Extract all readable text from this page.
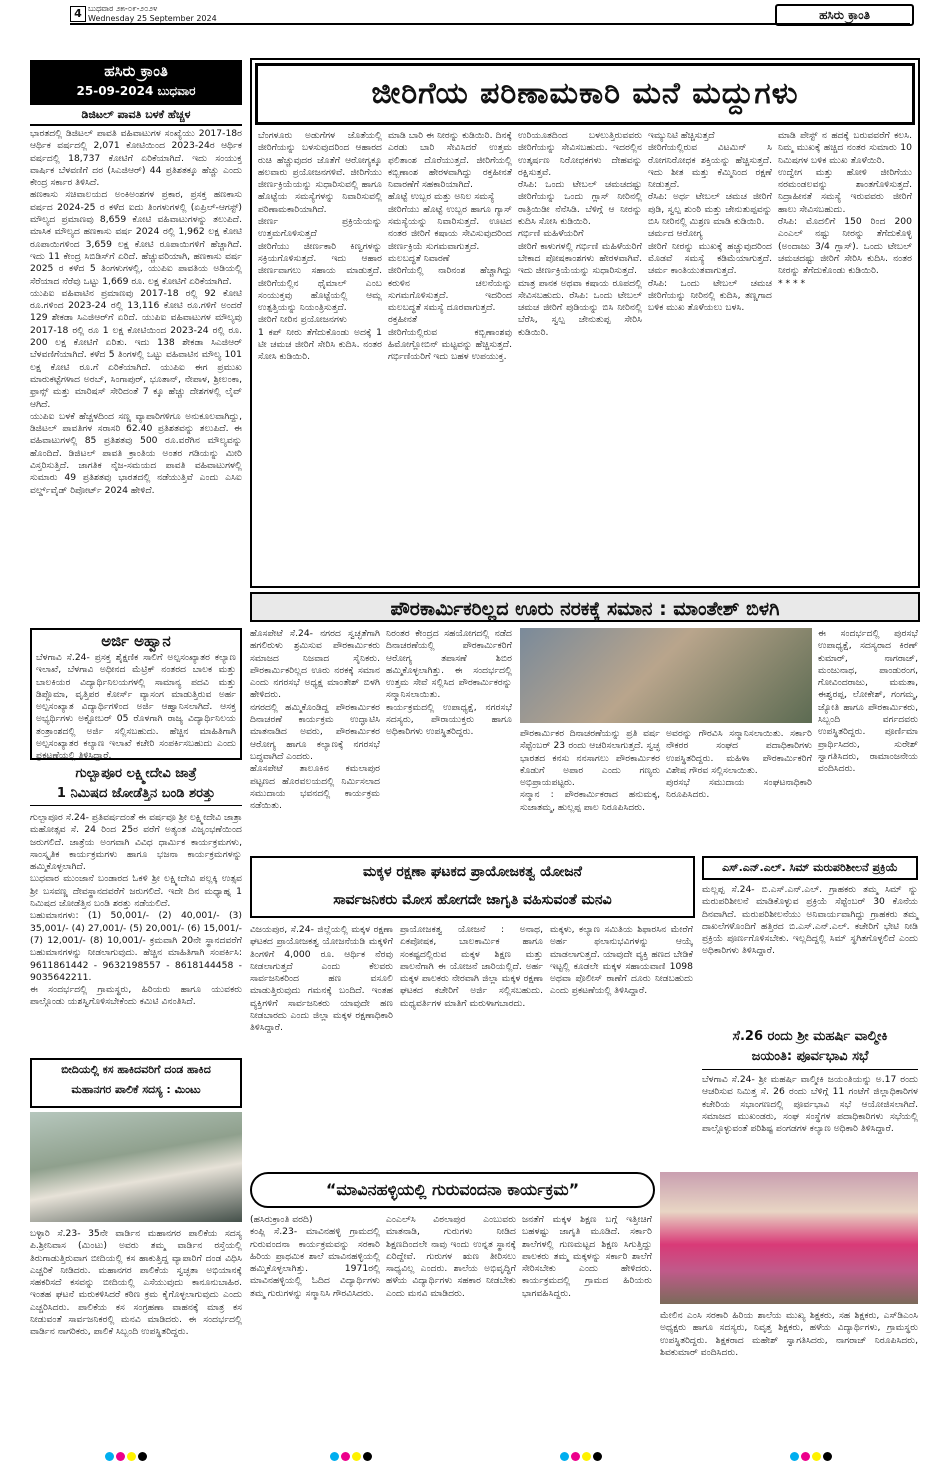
4 ಬುಧವಾರ ೨೫-೦೯-೨೦೨೪
Wednesday 25 September 2024	ಹಸಿರು ಕ್ರಾಂತಿ
ಹಸಿರು ಕ್ರಾಂತಿ
25-09-2024 ಬುಧವಾರ
ಡಿಜಿಟಲ್ ಪಾವತಿ ಬಳಕೆ ಹೆಚ್ಚಳ
ಭಾರತದಲ್ಲಿ ಡಿಜಿಟಲ್ ಪಾವತಿ ವಹಿವಾಟುಗಳ ಸಂಖ್ಯೆಯು 2017-18ರ ಆರ್ಥಿಕ ವರ್ಷದಲ್ಲಿ 2,071 ಕೋಟಿಯಿಂದ 2023-24ರ ಆರ್ಥಿಕ ವರ್ಷದಲ್ಲಿ 18,737 ಕೋಟಿಗೆ ಏರಿಕೆಯಾಗಿದೆ. ಇದು ಸಂಯುಕ್ತ ವಾರ್ಷಿಕ ಬೆಳವಣಿಗೆ ದರ (ಸಿಎಜಿಆರ್) 44 ಪ್ರತಿಶತಕ್ಕೂ ಹೆಚ್ಚು ಎಂದು ಕೇಂದ್ರ ಸರ್ಕಾರ ತಿಳಿಸಿದೆ.
ಹಣಕಾಸು ಸಚಿವಾಲಯದ ಅಂಕಿಅಂಶಗಳ ಪ್ರಕಾರ, ಪ್ರಸಕ್ತ ಹಣಕಾಸು ವರ್ಷದ 2024-25 ರ ಕಳೆದ ಐದು ತಿಂಗಳುಗಳಲ್ಲಿ (ಏಪ್ರಿಲ್-ಆಗಸ್ಟ್) ಮೌಲ್ಯದ ಪ್ರಮಾಣವು 8,659 ಕೋಟಿ ವಹಿವಾಟುಗಳನ್ನು ತಲುಪಿದೆ. ಮಾಸಿಕ ಮೌಲ್ಯದ ಹಣಕಾಸು ವರ್ಷ 2024 ರಲ್ಲಿ 1,962 ಲಕ್ಷ ಕೋಟಿ ರೂಪಾಯಿಗಳಿಂದ 3,659 ಲಕ್ಷ ಕೋಟಿ ರೂಪಾಯಿಗಳಿಗೆ ಹೆಚ್ಚಾಗಿದೆ. ಇದು 11 ಕೇಂದ್ರ ಸಿಬಿಡಿಸ್‌ಗೆ ಏರಿದೆ. ಹೆಚ್ಚುವರಿಯಾಗಿ, ಹಣಕಾಸು ವರ್ಷ 2025 ರ ಕಳೆದ 5 ತಿಂಗಳುಗಳಲ್ಲಿ, ಯುಪಿಐ ಪಾವತಿಯ ಅಡಿಯಲ್ಲಿ ಸೆರೆಯಾದ ನೆರೆವು ಒಟ್ಟು 1,669 ರೂ. ಲಕ್ಷ ಕೋಟಿಗೆ ಏರಿಕೆಯಾಗಿದೆ.
ಯುಪಿಐ ವಹಿವಾಟಿನ ಪ್ರಮಾಣವು 2017-18 ರಲ್ಲಿ 92 ಕೋಟಿ ರೂ.ಗಳಿಂದ 2023-24 ರಲ್ಲಿ 13,116 ಕೋಟಿ ರೂ.ಗಳಿಗೆ ಅಂದರೆ 129 ಶೇಕಡಾ ಸಿಎಜಿಆರ್‌ಗೆ ಏರಿದೆ. ಯುಪಿಐ ವಹಿವಾಟುಗಳ ಮೌಲ್ಯವು 2017-18 ರಲ್ಲಿ ರೂ 1 ಲಕ್ಷ ಕೋಟಿಯಿಂದ 2023-24 ರಲ್ಲಿ ರೂ. 200 ಲಕ್ಷ ಕೋಟಿಗೆ ಏರಿತು. ಇದು 138 ಶೇಕಡಾ ಸಿಎಜಿಆರ್ ಬೆಳವಣಿಗೆಯಾಗಿದೆ. ಕಳೆದ 5 ತಿಂಗಳಲ್ಲಿ ಒಟ್ಟು ವಹಿವಾಟಿನ ಮೌಲ್ಯ 101 ಲಕ್ಷ ಕೋಟಿ ರೂ.ಗೆ ಏರಿಕೆಯಾಗಿದೆ. ಯುಪಿಐ ಈಗ ಪ್ರಮುಖ ಮಾರುಕಟ್ಟೆಗಳಾದ ಅರಬ್, ಸಿಂಗಾಪುರ್, ಭೂತಾನ್, ನೇಪಾಳ, ಶ್ರೀಲಂಕಾ, ಫ್ರಾನ್ಸ್ ಮತ್ತು ಮಾರಿಷಸ್ ಸೇರಿದಂತೆ 7 ಕ್ಕೂ ಹೆಚ್ಚು ದೇಶಗಳಲ್ಲಿ ಲೈವ್ ಆಗಿದೆ.
ಯುಪಿಐ ಬಳಕೆ ಹೆಚ್ಚಳದಿಂದ ಸಣ್ಣ ವ್ಯಾಪಾರಿಗಳಿಗೂ ಅನುಕೂಲವಾಗಿದ್ದು, ಡಿಜಿಟಲ್ ಪಾವತಿಗಳ ಸರಾಸರಿ 62.40 ಪ್ರತಿಶತವನ್ನು ತಲುಪಿದೆ. ಈ ವಹಿವಾಟುಗಳಲ್ಲಿ 85 ಪ್ರತಿಶತವು 500 ರೂ.ವರೆಗಿನ ಮೌಲ್ಯವನ್ನು ಹೊಂದಿದೆ. ಡಿಜಿಟಲ್ ಪಾವತಿ ಕ್ರಾಂತಿಯ ಅಂತರ ಗಡಿಯನ್ನು ಮೀರಿ ವಿಸ್ತರಿಸುತ್ತಿದೆ. ಜಾಗತಿಕ ನೈಜ-ಸಮಯದ ಪಾವತಿ ವಹಿವಾಟುಗಳಲ್ಲಿ ಸುಮಾರು 49 ಪ್ರತಿಶತವು ಭಾರತದಲ್ಲಿ ನಡೆಯುತ್ತಿವೆ ಎಂದು ಎಸಿಐ ವರ್ಲ್ಡ್‌ವೈಡ್ ರಿಪೋರ್ಟ್ 2024 ಹೇಳಿದೆ.
ಜೀರಿಗೆಯ ಪರಿಣಾಮಕಾರಿ ಮನೆ ಮದ್ದುಗಳು
ಬೆಂಗಳೂರು ಅಡುಗೆಗಳ ಜೊತೆಯಲ್ಲಿ ಜೀರಿಗೆಯನ್ನು ಬಳಸುವುದರಿಂದ ಆಹಾರದ ರುಚಿ ಹೆಚ್ಚುವುದರ ಜೊತೆಗೆ ಆರೋಗ್ಯಕ್ಕೂ ಹಲವಾರು ಪ್ರಯೋಜನಗಳಿವೆ. ಜೀರಿಗೆಯು ಜೀರ್ಣಕ್ರಿಯೆಯನ್ನು ಸುಧಾರಿಸುವಲ್ಲಿ ಹಾಗೂ ಹೊಟ್ಟೆಯ ಸಮಸ್ಯೆಗಳನ್ನು ನಿವಾರಿಸುವಲ್ಲಿ ಪರಿಣಾಮಕಾರಿಯಾಗಿದೆ.
ಜೀರ್ಣ ಪ್ರಕ್ರಿಯೆಯನ್ನು ಉತ್ತಮಗೊಳಿಸುತ್ತದೆ
ಜೀರಿಗೆಯು ಜೀರ್ಣಕಾರಿ ಕಿಣ್ವಗಳನ್ನು ಸಕ್ರಿಯಗೊಳಿಸುತ್ತದೆ. ಇದು ಆಹಾರ ಜೀರ್ಣವಾಗಲು ಸಹಾಯ ಮಾಡುತ್ತದೆ. ಜೀರಿಗೆಯಲ್ಲಿನ ಥೈಮಾಲ್ ಎಂಬ ಸಂಯುಕ್ತವು ಹೊಟ್ಟೆಯಲ್ಲಿ ಆಮ್ಲ ಉತ್ಪತ್ತಿಯನ್ನು ನಿಯಂತ್ರಿಸುತ್ತದೆ.
ಜೀರಿಗೆ ನೀರಿನ ಪ್ರಯೋಜನಗಳು
1 ಕಪ್ ನೀರು ತೆಗೆದುಕೊಂಡು ಅದಕ್ಕೆ 1 ಟೀ ಚಮಚ ಜೀರಿಗೆ ಸೇರಿಸಿ ಕುದಿಸಿ. ನಂತರ ಸೋಸಿ ಕುಡಿಯಿರಿ.
ಮಾಡಿ ಬಾರಿ ಈ ನೀರನ್ನು ಕುಡಿಯಿರಿ. ದಿನಕ್ಕೆ ಎರಡು ಬಾರಿ ಸೇವಿಸಿದರೆ ಉತ್ತಮ ಫಲಿತಾಂಶ ದೊರೆಯುತ್ತದೆ. ಜೀರಿಗೆಯಲ್ಲಿ ಕಬ್ಬಿಣಾಂಶ ಹೇರಳವಾಗಿದ್ದು ರಕ್ತಹೀನತೆ ನಿವಾರಣೆಗೆ ಸಹಕಾರಿಯಾಗಿದೆ.
ಹೊಟ್ಟೆ ಉಬ್ಬರ ಮತ್ತು ಅನಿಲ ಸಮಸ್ಯೆ
ಜೀರಿಗೆಯು ಹೊಟ್ಟೆ ಉಬ್ಬರ ಹಾಗೂ ಗ್ಯಾಸ್ ಸಮಸ್ಯೆಯನ್ನು ನಿವಾರಿಸುತ್ತದೆ. ಊಟದ ನಂತರ ಜೀರಿಗೆ ಕಷಾಯ ಸೇವಿಸುವುದರಿಂದ ಜೀರ್ಣಕ್ರಿಯೆ ಸುಗಮವಾಗುತ್ತದೆ.
ಮಲಬದ್ಧತೆ ನಿವಾರಣೆ
ಜೀರಿಗೆಯಲ್ಲಿ ನಾರಿನಂಶ ಹೆಚ್ಚಾಗಿದ್ದು ಕರುಳಿನ ಚಲನೆಯನ್ನು ಸುಗಮಗೊಳಿಸುತ್ತದೆ. ಇದರಿಂದ ಮಲಬದ್ಧತೆ ಸಮಸ್ಯೆ ದೂರವಾಗುತ್ತದೆ.
ರಕ್ತಹೀನತೆ
ಜೀರಿಗೆಯಲ್ಲಿರುವ ಕಬ್ಬಿಣಾಂಶವು ಹಿಮೋಗ್ಲೋಬಿನ್ ಮಟ್ಟವನ್ನು ಹೆಚ್ಚಿಸುತ್ತದೆ. ಗರ್ಭಿಣಿಯರಿಗೆ ಇದು ಬಹಳ ಉಪಯುಕ್ತ.
ಉರಿಯೂತದಿಂದ ಬಳಲುತ್ತಿರುವವರು ಜೀರಿಗೆಯನ್ನು ಸೇವಿಸಬಹುದು. ಇದರಲ್ಲಿನ ಉತ್ಕರ್ಷಣ ನಿರೋಧಕಗಳು ದೇಹವನ್ನು ರಕ್ಷಿಸುತ್ತವೆ.
ರೆಸಿಪಿ: ಒಂದು ಟೇಬಲ್ ಚಮಚದಷ್ಟು ಜೀರಿಗೆಯನ್ನು ಒಂದು ಗ್ಲಾಸ್ ನೀರಿನಲ್ಲಿ ರಾತ್ರಿಯಿಡೀ ನೆನೆಸಿಡಿ. ಬೆಳಿಗ್ಗೆ ಆ ನೀರನ್ನು ಕುದಿಸಿ ಸೋಸಿ ಕುಡಿಯಿರಿ.
ಗರ್ಭಿಣಿ ಮಹಿಳೆಯರಿಗೆ
ಜೀರಿಗೆ ಕಾಳುಗಳಲ್ಲಿ ಗರ್ಭಿಣಿ ಮಹಿಳೆಯರಿಗೆ ಬೇಕಾದ ಪೋಷಕಾಂಶಗಳು ಹೇರಳವಾಗಿವೆ. ಇದು ಜೀರ್ಣಕ್ರಿಯೆಯನ್ನು ಸುಧಾರಿಸುತ್ತದೆ.
ಮಾತ್ರ ಪಾನಕ ಅಥವಾ ಕಷಾಯ ರೂಪದಲ್ಲಿ ಸೇವಿಸಬಹುದು. ರೆಸಿಪಿ: ಒಂದು ಟೇಬಲ್ ಚಮಚ ಜೀರಿಗೆ ಪುಡಿಯನ್ನು ಬಿಸಿ ನೀರಿನಲ್ಲಿ ಬೆರೆಸಿ, ಸ್ವಲ್ಪ ಜೇನುತುಪ್ಪ ಸೇರಿಸಿ ಕುಡಿಯಿರಿ.
ಇಮ್ಯುನಿಟಿ ಹೆಚ್ಚಿಸುತ್ತದೆ
ಜೀರಿಗೆಯಲ್ಲಿರುವ ವಿಟಮಿನ್ ಸಿ ರೋಗನಿರೋಧಕ ಶಕ್ತಿಯನ್ನು ಹೆಚ್ಚಿಸುತ್ತದೆ. ಇದು ಶೀತ ಮತ್ತು ಕೆಮ್ಮಿನಿಂದ ರಕ್ಷಣೆ ನೀಡುತ್ತದೆ.
ರೆಸಿಪಿ: ಅರ್ಧ ಟೇಬಲ್ ಚಮಚ ಜೀರಿಗೆ ಪುಡಿ, ಸ್ವಲ್ಪ ಶುಂಠಿ ಮತ್ತು ಜೇನುತುಪ್ಪವನ್ನು ಬಿಸಿ ನೀರಿನಲ್ಲಿ ಮಿಶ್ರಣ ಮಾಡಿ ಕುಡಿಯಿರಿ.
ಚರ್ಮದ ಆರೋಗ್ಯ
ಜೀರಿಗೆ ನೀರನ್ನು ಮುಖಕ್ಕೆ ಹಚ್ಚುವುದರಿಂದ ಮೊಡವೆ ಸಮಸ್ಯೆ ಕಡಿಮೆಯಾಗುತ್ತದೆ. ಚರ್ಮ ಕಾಂತಿಯುತವಾಗುತ್ತದೆ.
ರೆಸಿಪಿ: ಒಂದು ಟೇಬಲ್ ಚಮಚ ಜೀರಿಗೆಯನ್ನು ನೀರಿನಲ್ಲಿ ಕುದಿಸಿ, ತಣ್ಣಗಾದ ಬಳಿಕ ಮುಖ ತೊಳೆಯಲು ಬಳಸಿ.
ಮಾಡಿ ಪೇಸ್ಟ್ ನ ಹದಕ್ಕೆ ಬರುವವರೆಗೆ ಕಲಸಿ. ನಿಮ್ಮ ಮುಖಕ್ಕೆ ಹಚ್ಚಿದ ನಂತರ ಸುಮಾರು 10 ನಿಮಿಷಗಳ ಬಳಿಕ ಮುಖ ತೊಳೆಯಿರಿ.
ಉದ್ವೇಗ ಮತ್ತು ಹೋಳಿ ಜೀರಿಗೆಯು ನರಮಂಡಲವನ್ನು ಶಾಂತಗೊಳಿಸುತ್ತದೆ. ನಿದ್ರಾಹೀನತೆ ಸಮಸ್ಯೆ ಇರುವವರು ಜೀರಿಗೆ ಹಾಲು ಸೇವಿಸಬಹುದು.
ರೆಸಿಪಿ: ಮೊದಲಿಗೆ 150 ರಿಂದ 200 ಎಂಎಲ್ ನಷ್ಟು ನೀರನ್ನು ತೆಗೆದುಕೊಳ್ಳಿ (ಅಂದಾಜು 3/4 ಗ್ಲಾಸ್). ಒಂದು ಟೇಬಲ್ ಚಮಚದಷ್ಟು ಜೀರಿಗೆ ಸೇರಿಸಿ ಕುದಿಸಿ. ನಂತರ ನೀರನ್ನು ತೆಗೆದುಕೊಂಡು ಕುಡಿಯಿರಿ.
* * * *
ಪೌರಕಾರ್ಮಿಕರಿಲ್ಲದ ಊರು ನರಕಕ್ಕೆ ಸಮಾನ : ಮಾಂತೇಶ್ ಬಿಳಗಿ
ಹೊಸಪೇಟೆ ಸೆ.24- ನಗರದ ಸ್ವಚ್ಛತೆಗಾಗಿ ಹಗಲಿರುಳು ಶ್ರಮಿಸುವ ಪೌರಕಾರ್ಮಿಕರು ಸಮಾಜದ ನಿಜವಾದ ಸೈನಿಕರು. ಪೌರಕಾರ್ಮಿಕರಿಲ್ಲದ ಊರು ನರಕಕ್ಕೆ ಸಮಾನ ಎಂದು ನಗರಸಭೆ ಅಧ್ಯಕ್ಷ ಮಾಂತೇಶ್ ಬಿಳಗಿ ಹೇಳಿದರು.
ನಗರದಲ್ಲಿ ಹಮ್ಮಿಕೊಂಡಿದ್ದ ಪೌರಕಾರ್ಮಿಕರ ದಿನಾಚರಣೆ ಕಾರ್ಯಕ್ರಮ ಉದ್ಘಾಟಿಸಿ ಮಾತನಾಡಿದ ಅವರು, ಪೌರಕಾರ್ಮಿಕರ ಆರೋಗ್ಯ ಹಾಗೂ ಕಲ್ಯಾಣಕ್ಕೆ ನಗರಸಭೆ ಬದ್ಧವಾಗಿದೆ ಎಂದರು.
ಹೊಸಪೇಟೆ ತಾಲೂಕಿನ ಕಮಲಾಪುರ ಪಟ್ಟಣದ ಹೊರವಲಯದಲ್ಲಿ ನಿರ್ಮಿಸಲಾದ ಸಮುದಾಯ ಭವನದಲ್ಲಿ ಕಾರ್ಯಕ್ರಮ ನಡೆಯಿತು.
ನಿರಂತರ ಕೇಂದ್ರದ ಸಹಯೋಗದಲ್ಲಿ ನಡೆದ ದಿನಾಚರಣೆಯಲ್ಲಿ ಪೌರಕಾರ್ಮಿಕರಿಗೆ ಆರೋಗ್ಯ ತಪಾಸಣೆ ಶಿಬಿರ ಹಮ್ಮಿಕೊಳ್ಳಲಾಗಿತ್ತು. ಈ ಸಂದರ್ಭದಲ್ಲಿ ಉತ್ತಮ ಸೇವೆ ಸಲ್ಲಿಸಿದ ಪೌರಕಾರ್ಮಿಕರನ್ನು ಸನ್ಮಾನಿಸಲಾಯಿತು.
ಕಾರ್ಯಕ್ರಮದಲ್ಲಿ ಉಪಾಧ್ಯಕ್ಷೆ, ನಗರಸಭೆ ಸದಸ್ಯರು, ಪೌರಾಯುಕ್ತರು ಹಾಗೂ ಅಧಿಕಾರಿಗಳು ಉಪಸ್ಥಿತರಿದ್ದರು.	ಪೌರಕಾರ್ಮಿಕರ ದಿನಾಚರಣೆಯನ್ನು ಪ್ರತಿ ವರ್ಷ ಸೆಪ್ಟೆಂಬರ್ 23 ರಂದು ಆಚರಿಸಲಾಗುತ್ತದೆ. ಸ್ವಚ್ಛ ಭಾರತದ ಕನಸು ನನಸಾಗಲು ಪೌರಕಾರ್ಮಿಕರ ಕೊಡುಗೆ ಅಪಾರ ಎಂದು ಗಣ್ಯರು ಅಭಿಪ್ರಾಯಪಟ್ಟರು.
ಸನ್ಮಾನ : ಪೌರಕಾರ್ಮಿಕರಾದ ಹನುಮಕ್ಕ, ಸುಜಾತಮ್ಮ, ಹುಲ್ಲಪ್ಪ ಪಾಲ ನಿರೂಪಿಸಿದರು.
ಅವರನ್ನು ಗೌರವಿಸಿ ಸನ್ಮಾನಿಸಲಾಯಿತು. ಸರ್ಕಾರಿ ನೌಕರರ ಸಂಘದ ಪದಾಧಿಕಾರಿಗಳು ಉಪಸ್ಥಿತರಿದ್ದರು. ಮಹಿಳಾ ಪೌರಕಾರ್ಮಿಕರಿಗೆ ವಿಶೇಷ ಗೌರವ ಸಲ್ಲಿಸಲಾಯಿತು.
ಪುರಸಭೆ ಸಮುದಾಯ ಸಂಘಟನಾಧಿಕಾರಿ ನಿರೂಪಿಸಿದರು.
ಈ ಸಂದರ್ಭದಲ್ಲಿ ಪುರಸಭೆ ಉಪಾಧ್ಯಕ್ಷೆ, ಸದಸ್ಯರಾದ ಕಿರಣ್ ಕುಮಾರ್, ನಾಗರಾಜ್, ಮಂಜುನಾಥ, ಪಾಂಡುರಂಗ, ಗೋವಿಂದರಾಜು, ಮಮತಾ, ಈಶ್ವರಪ್ಪ, ಲೋಕೇಶ್, ಗಂಗಮ್ಮ, ಜ್ಯೋತಿ ಹಾಗೂ ಪೌರಕಾರ್ಮಿಕರು, ಸಿಬ್ಬಂದಿ ವರ್ಗದವರು ಉಪಸ್ಥಿತರಿದ್ದರು. ಪೂರ್ಣಿಮಾ ಪ್ರಾರ್ಥಿಸಿದರು, ಸುರೇಶ್ ಸ್ವಾಗತಿಸಿದರು, ರಾಮಾಂಜನೇಯ ವಂದಿಸಿದರು.
ಅರ್ಜಿ ಅಹ್ವಾನ
ಬೆಳಗಾವಿ ಸೆ.24- ಪ್ರಸಕ್ತ ಶೈಕ್ಷಣಿಕ ಸಾಲಿಗೆ ಅಲ್ಪಸಂಖ್ಯಾತರ ಕಲ್ಯಾಣ ಇಲಾಖೆ, ಬೆಳಗಾವಿ ಅಧೀನದ ಮೆಟ್ರಿಕ್ ನಂತರದ ಬಾಲಕ ಮತ್ತು ಬಾಲಕಿಯರ ವಿದ್ಯಾರ್ಥಿನಿಲಯಗಳಲ್ಲಿ ಸಾಮಾನ್ಯ ಪದವಿ ಮತ್ತು ಡಿಪ್ಲೊಮಾ, ವೃತ್ತಿಪರ ಕೋರ್ಸ್ ವ್ಯಾಸಂಗ ಮಾಡುತ್ತಿರುವ ಅರ್ಹ ಅಲ್ಪಸಂಖ್ಯಾತ ವಿದ್ಯಾರ್ಥಿಗಳಿಂದ ಅರ್ಜಿ ಆಹ್ವಾನಿಸಲಾಗಿದೆ. ಆಸಕ್ತ ಅಭ್ಯರ್ಥಿಗಳು ಅಕ್ಟೋಬರ್ 05 ರೊಳಗಾಗಿ ರಾಜ್ಯ ವಿದ್ಯಾರ್ಥಿನಿಲಯ ತಂತ್ರಾಂಶದಲ್ಲಿ ಅರ್ಜಿ ಸಲ್ಲಿಸಬಹುದು. ಹೆಚ್ಚಿನ ಮಾಹಿತಿಗಾಗಿ ಅಲ್ಪಸಂಖ್ಯಾತರ ಕಲ್ಯಾಣ ಇಲಾಖೆ ಕಚೇರಿ ಸಂಪರ್ಕಿಸಬಹುದು ಎಂದು ಪ್ರಕಟಣೆಯಲ್ಲಿ ತಿಳಿಸಿದ್ದಾರೆ.
ಗುಲ್ಬಾಪೂರ ಲಕ್ಷ್ಮೀದೇವಿ ಜಾತ್ರೆ
1 ನಿಮಿಷದ ಜೋಡೆತ್ತಿನ ಬಂಡಿ ಶರತ್ತು
ಗುಲ್ಬಾಪೂರ ಸೆ.24- ಪ್ರತಿವರ್ಷದಂತೆ ಈ ವರ್ಷವೂ ಶ್ರೀ ಲಕ್ಷ್ಮೀದೇವಿ ಜಾತ್ರಾ ಮಹೋತ್ಸವ ಸೆ. 24 ರಿಂದ 25ರ ವರೆಗೆ ಅತ್ಯಂತ ವಿಜೃಂಭಣೆಯಿಂದ ಜರುಗಲಿದೆ. ಜಾತ್ರೆಯ ಅಂಗವಾಗಿ ವಿವಿಧ ಧಾರ್ಮಿಕ ಕಾರ್ಯಕ್ರಮಗಳು, ಸಾಂಸ್ಕೃತಿಕ ಕಾರ್ಯಕ್ರಮಗಳು ಹಾಗೂ ಭಜನಾ ಕಾರ್ಯಕ್ರಮಗಳನ್ನು ಹಮ್ಮಿಕೊಳ್ಳಲಾಗಿದೆ.
ಬುಧವಾರ ಮುಂಜಾನೆ ಬಂಡಾರದ ಓಕಳಿ ಶ್ರೀ ಲಕ್ಷ್ಮೀದೇವಿ ಪಲ್ಲಕ್ಕಿ ಉತ್ಸವ ಶ್ರೀ ಬಸವಣ್ಣ ದೇವಸ್ಥಾನದವರೆಗೆ ಜರುಗಲಿದೆ. ಇದೇ ದಿನ ಮಧ್ಯಾಹ್ನ 1 ನಿಮಿಷದ ಜೋಡೆತ್ತಿನ ಬಂಡಿ ಶರತ್ತು ನಡೆಯಲಿದೆ.
ಬಹುಮಾನಗಳು: (1) 50,001/- (2) 40,001/- (3) 35,001/- (4) 27,001/- (5) 20,001/- (6) 15,001/- (7) 12,001/- (8) 10,001/- ಕ್ರಮವಾಗಿ 20ನೇ ಸ್ಥಾನದವರೆಗೆ ಬಹುಮಾನಗಳನ್ನು ನೀಡಲಾಗುವುದು. ಹೆಚ್ಚಿನ ಮಾಹಿತಿಗಾಗಿ ಸಂಪರ್ಕಿಸಿ: 9611861442 - 9632198557 - 8618144458 - 9035642211.
ಈ ಸಂದರ್ಭದಲ್ಲಿ ಗ್ರಾಮಸ್ಥರು, ಹಿರಿಯರು ಹಾಗೂ ಯುವಕರು ಪಾಲ್ಗೊಂಡು ಯಶಸ್ವಿಗೊಳಿಸಬೇಕೆಂದು ಕಮಿಟಿ ವಿನಂತಿಸಿದೆ.
ಬೀದಿಯಲ್ಲಿ ಕಸ ಹಾಕಿದವರಿಗೆ ದಂಡ ಹಾಕಿದ
ಮಹಾನಗರ ಪಾಲಿಕೆ ಸದಸ್ಯ : ಮಿಂಟು
ಬಳ್ಳಾರಿ ಸೆ.23- 35ನೇ ವಾರ್ಡಿನ ಮಹಾನಗರ ಪಾಲಿಕೆಯ ಸದಸ್ಯ ಪಿ.ಶ್ರೀನಿವಾಸ (ಮಿಂಟು) ಅವರು ತಮ್ಮ ವಾರ್ಡಿನ ರಸ್ತೆಯಲ್ಲಿ ತಿರುಗಾಡುತ್ತಿರುವಾಗ ಬೀದಿಯಲ್ಲಿ ಕಸ ಹಾಕುತ್ತಿದ್ದ ವ್ಯಾಪಾರಿಗೆ ದಂಡ ವಿಧಿಸಿ ಎಚ್ಚರಿಕೆ ನೀಡಿದರು. ಮಹಾನಗರ ಪಾಲಿಕೆಯ ಸ್ವಚ್ಛತಾ ಅಭಿಯಾನಕ್ಕೆ ಸಹಕರಿಸದೆ ಕಸವನ್ನು ಬೀದಿಯಲ್ಲಿ ಎಸೆಯುವುದು ಕಾನೂನುಬಾಹಿರ. ಇಂತಹ ಘಟನೆ ಮರುಕಳಿಸಿದರೆ ಕಠಿಣ ಕ್ರಮ ಕೈಗೊಳ್ಳಲಾಗುವುದು ಎಂದು ಎಚ್ಚರಿಸಿದರು. ಪಾಲಿಕೆಯ ಕಸ ಸಂಗ್ರಹಣಾ ವಾಹನಕ್ಕೆ ಮಾತ್ರ ಕಸ ನೀಡುವಂತೆ ಸಾರ್ವಜನಿಕರಲ್ಲಿ ಮನವಿ ಮಾಡಿದರು. ಈ ಸಂದರ್ಭದಲ್ಲಿ ವಾರ್ಡಿನ ನಾಗರಿಕರು, ಪಾಲಿಕೆ ಸಿಬ್ಬಂದಿ ಉಪಸ್ಥಿತರಿದ್ದರು.
ಮಕ್ಕಳ ರಕ್ಷಣಾ ಘಟಕದ ಪ್ರಾಯೋಜಕತ್ವ ಯೋಜನೆ
ಸಾರ್ವಜನಿಕರು ಮೋಸ ಹೋಗದೇ ಜಾಗೃತಿ ವಹಿಸುವಂತೆ ಮನವಿ
ವಿಜಯಪುರ, ಸೆ.24- ಜಿಲ್ಲೆಯಲ್ಲಿ ಮಕ್ಕಳ ರಕ್ಷಣಾ ಘಟಕದ ಪ್ರಾಯೋಜಕತ್ವ ಯೋಜನೆಯಡಿ ಮಕ್ಕಳಿಗೆ ತಿಂಗಳಿಗೆ 4,000 ರೂ. ಆರ್ಥಿಕ ನೆರವು ನೀಡಲಾಗುತ್ತದೆ ಎಂದು ಕೆಲವರು ಸಾರ್ವಜನಿಕರಿಂದ ಹಣ ವಸೂಲಿ ಮಾಡುತ್ತಿರುವುದು ಗಮನಕ್ಕೆ ಬಂದಿದೆ. ಇಂತಹ ವ್ಯಕ್ತಿಗಳಿಗೆ ಸಾರ್ವಜನಿಕರು ಯಾವುದೇ ಹಣ ನೀಡಬಾರದು ಎಂದು ಜಿಲ್ಲಾ ಮಕ್ಕಳ ರಕ್ಷಣಾಧಿಕಾರಿ ತಿಳಿಸಿದ್ದಾರೆ.
ಪ್ರಾಯೋಜಕತ್ವ ಯೋಜನೆ : ಅನಾಥ, ಏಕಪೋಷಕ, ಬಾಲಕಾರ್ಮಿಕ ಹಾಗೂ ಸಂಕಷ್ಟದಲ್ಲಿರುವ ಮಕ್ಕಳ ಶಿಕ್ಷಣ ಮತ್ತು ಪಾಲನೆಗಾಗಿ ಈ ಯೋಜನೆ ಜಾರಿಯಲ್ಲಿದೆ. ಅರ್ಹ ಮಕ್ಕಳ ಪಾಲಕರು ನೇರವಾಗಿ ಜಿಲ್ಲಾ ಮಕ್ಕಳ ರಕ್ಷಣಾ ಘಟಕದ ಕಚೇರಿಗೆ ಅರ್ಜಿ ಸಲ್ಲಿಸಬಹುದು. ಮಧ್ಯವರ್ತಿಗಳ ಮಾತಿಗೆ ಮರುಳಾಗಬಾರದು.
ಮಕ್ಕಳು, ಕಲ್ಯಾಣ ಸಮಿತಿಯ ಶಿಫಾರಸಿನ ಮೇರೆಗೆ ಅರ್ಹ ಫಲಾನುಭವಿಗಳನ್ನು ಆಯ್ಕೆ ಮಾಡಲಾಗುತ್ತದೆ. ಯಾವುದೇ ವ್ಯಕ್ತಿ ಹಣದ ಬೇಡಿಕೆ ಇಟ್ಟಲ್ಲಿ ಕೂಡಲೇ ಮಕ್ಕಳ ಸಹಾಯವಾಣಿ 1098 ಅಥವಾ ಪೊಲೀಸ್ ಠಾಣೆಗೆ ದೂರು ನೀಡಬಹುದು ಎಂದು ಪ್ರಕಟಣೆಯಲ್ಲಿ ತಿಳಿಸಿದ್ದಾರೆ.
ಎಸ್.ಎನ್.ಎಲ್. ಸಿಮ್ ಮರುಪರಿಶೀಲನೆ ಪ್ರಕ್ರಿಯೆ
ಮಲ್ಲಪ್ಪ ಸೆ.24- ಬಿ.ಎಸ್.ಎನ್.ಎಲ್. ಗ್ರಾಹಕರು ತಮ್ಮ ಸಿಮ್ ನ್ನು ಮರುಪರಿಶೀಲನೆ ಮಾಡಿಕೊಳ್ಳುವ ಪ್ರಕ್ರಿಯೆ ಸೆಪ್ಟೆಂಬರ್ 30 ಕೊನೆಯ ದಿನವಾಗಿದೆ. ಮರುಪರಿಶೀಲನೆಯು ಅನಿವಾರ್ಯವಾಗಿದ್ದು ಗ್ರಾಹಕರು ತಮ್ಮ ದಾಖಲೆಗಳೊಂದಿಗೆ ಹತ್ತಿರದ ಬಿ.ಎಸ್.ಎನ್.ಎಲ್. ಕಚೇರಿಗೆ ಭೇಟಿ ನೀಡಿ ಪ್ರಕ್ರಿಯೆ ಪೂರ್ಣಗೊಳಿಸಬೇಕು. ಇಲ್ಲದಿದ್ದಲ್ಲಿ ಸಿಮ್ ಸ್ಥಗಿತಗೊಳ್ಳಲಿದೆ ಎಂದು ಅಧಿಕಾರಿಗಳು ತಿಳಿಸಿದ್ದಾರೆ.
ಸೆ.26 ರಂದು ಶ್ರೀ ಮಹರ್ಷಿ ವಾಲ್ಮೀಕಿ
ಜಯಂತಿ: ಪೂರ್ವಭಾವಿ ಸಭೆ
ಬೆಳಗಾವಿ ಸೆ.24- ಶ್ರೀ ಮಹರ್ಷಿ ವಾಲ್ಮೀಕಿ ಜಯಂತಿಯನ್ನು ಅ.17 ರಂದು ಆಚರಿಸುವ ನಿಮಿತ್ತ ಸೆ. 26 ರಂದು ಬೆಳಿಗ್ಗೆ 11 ಗಂಟೆಗೆ ಜಿಲ್ಲಾಧಿಕಾರಿಗಳ ಕಚೇರಿಯ ಸಭಾಂಗಣದಲ್ಲಿ ಪೂರ್ವಭಾವಿ ಸಭೆ ಆಯೋಜಿಸಲಾಗಿದೆ. ಸಮಾಜದ ಮುಖಂಡರು, ಸಂಘ ಸಂಸ್ಥೆಗಳ ಪದಾಧಿಕಾರಿಗಳು ಸಭೆಯಲ್ಲಿ ಪಾಲ್ಗೊಳ್ಳುವಂತೆ ಪರಿಶಿಷ್ಟ ಪಂಗಡಗಳ ಕಲ್ಯಾಣ ಅಧಿಕಾರಿ ತಿಳಿಸಿದ್ದಾರೆ.
“ಮಾವಿನಹಳ್ಳಿಯಲ್ಲಿ ಗುರುವಂದನಾ ಕಾರ್ಯಕ್ರಮ”
(ಹಸಿರುಕ್ರಾಂತಿ ವರದಿ)
ಕಂಪ್ಲಿ ಸೆ.23- ಮಾವಿನಹಳ್ಳಿ ಗ್ರಾಮದಲ್ಲಿ ಗುರುವಂದನಾ ಕಾರ್ಯಕ್ರಮವನ್ನು ಸರಕಾರಿ ಹಿರಿಯ ಪ್ರಾಥಮಿಕ ಶಾಲೆ ಮಾವಿನಹಳ್ಳಿಯಲ್ಲಿ ಹಮ್ಮಿಕೊಳ್ಳಲಾಗಿತ್ತು. 1971ರಲ್ಲಿ ಮಾವಿನಹಳ್ಳಿಯಲ್ಲಿ ಓದಿದ ವಿದ್ಯಾರ್ಥಿಗಳು ತಮ್ಮ ಗುರುಗಳನ್ನು ಸನ್ಮಾನಿಸಿ ಗೌರವಿಸಿದರು.
ಎಂಎಲ್‌ಸಿ ವಿಠಲಾಪುರ ಎಂಬುವರು ಮಾತನಾಡಿ, ಗುರುಗಳು ನೀಡಿದ ಶಿಕ್ಷಣದಿಂದಲೇ ನಾವು ಇಂದು ಉನ್ನತ ಸ್ಥಾನಕ್ಕೆ ಏರಿದ್ದೇವೆ. ಗುರುಗಳ ಋಣ ತೀರಿಸಲು ಸಾಧ್ಯವಿಲ್ಲ ಎಂದರು. ಶಾಲೆಯ ಅಭಿವೃದ್ಧಿಗೆ ಹಳೆಯ ವಿದ್ಯಾರ್ಥಿಗಳು ಸಹಕಾರ ನೀಡಬೇಕು ಎಂದು ಮನವಿ ಮಾಡಿದರು.
ಜನತೆಗೆ ಮಕ್ಕಳ ಶಿಕ್ಷಣ ಬಗ್ಗೆ ಇತ್ತೀಚಿಗೆ ಬಹಳಷ್ಟು ಜಾಗೃತಿ ಮೂಡಿದೆ. ಸರ್ಕಾರಿ ಶಾಲೆಗಳಲ್ಲಿ ಗುಣಮಟ್ಟದ ಶಿಕ್ಷಣ ಸಿಗುತ್ತಿದ್ದು ಪಾಲಕರು ತಮ್ಮ ಮಕ್ಕಳನ್ನು ಸರ್ಕಾರಿ ಶಾಲೆಗೆ ಸೇರಿಸಬೇಕು ಎಂದು ಹೇಳಿದರು. ಕಾರ್ಯಕ್ರಮದಲ್ಲಿ ಗ್ರಾಮದ ಹಿರಿಯರು ಭಾಗವಹಿಸಿದ್ದರು.
ಮೇಲಿನ ಎಂಸಿ ಸರಕಾರಿ ಹಿರಿಯ ಶಾಲೆಯ ಮುಖ್ಯ ಶಿಕ್ಷಕರು, ಸಹ ಶಿಕ್ಷಕರು, ಎಸ್‌ಡಿಎಂಸಿ ಅಧ್ಯಕ್ಷರು ಹಾಗೂ ಸದಸ್ಯರು, ನಿವೃತ್ತ ಶಿಕ್ಷಕರು, ಹಳೆಯ ವಿದ್ಯಾರ್ಥಿಗಳು, ಗ್ರಾಮಸ್ಥರು ಉಪಸ್ಥಿತರಿದ್ದರು. ಶಿಕ್ಷಕರಾದ ಮಹೇಶ್ ಸ್ವಾಗತಿಸಿದರು, ನಾಗರಾಜ್ ನಿರೂಪಿಸಿದರು, ಶಿವಕುಮಾರ್ ವಂದಿಸಿದರು.
